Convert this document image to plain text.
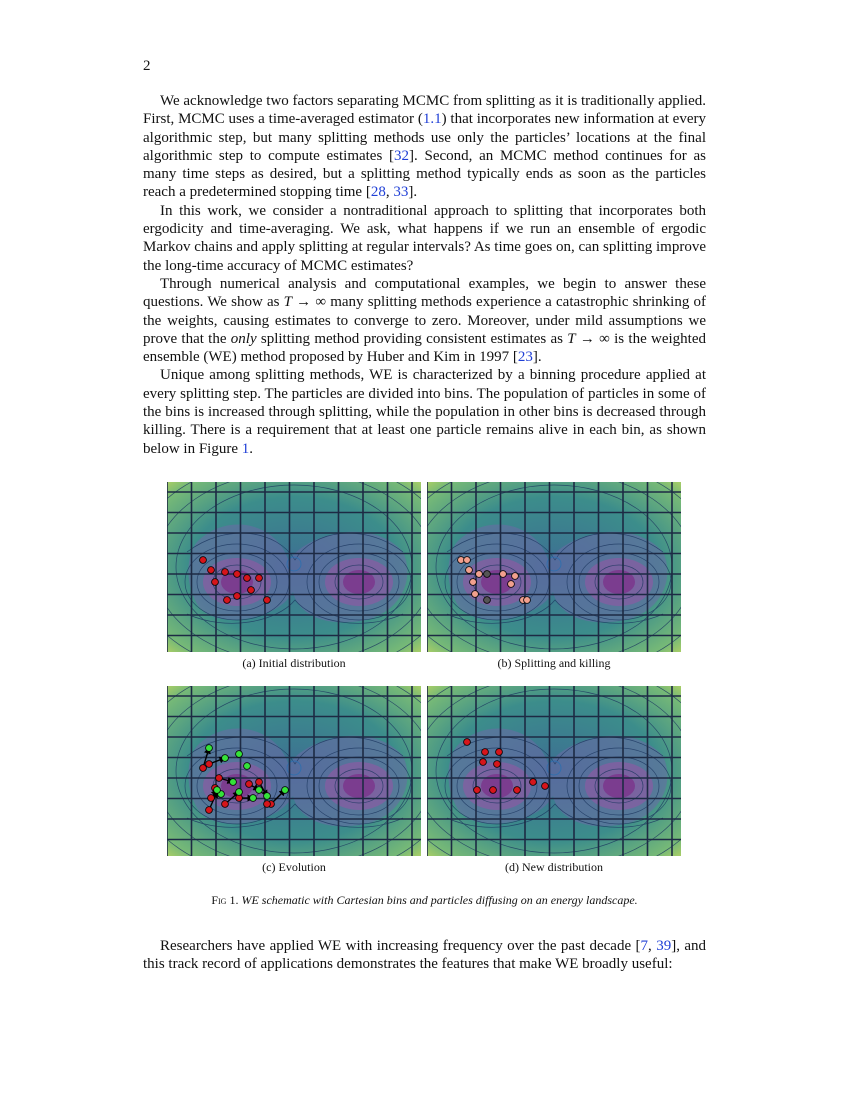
2

We acknowledge two factors separating MCMC from splitting as it is traditionally applied. First, MCMC uses a time-averaged estimator (1.1) that incorporates new information at every algorithmic step, but many splitting methods use only the particles’ locations at the final algorithmic step to compute estimates [32]. Second, an MCMC method continues for as many time steps as desired, but a splitting method typically ends as soon as the particles reach a predetermined stopping time [28, 33].

In this work, we consider a nontraditional approach to splitting that incorporates both ergodicity and time-averaging. We ask, what happens if we run an ensemble of ergodic Markov chains and apply splitting at regular intervals? As time goes on, can splitting improve the long-time accuracy of MCMC estimates?

Through numerical analysis and computational examples, we begin to answer these questions. We show as T → ∞ many splitting methods experience a catastrophic shrinking of the weights, causing estimates to converge to zero. Moreover, under mild assumptions we prove that the only splitting method providing consistent estimates as T → ∞ is the weighted ensemble (WE) method proposed by Huber and Kim in 1997 [23].

Unique among splitting methods, WE is characterized by a binning procedure applied at every splitting step. The particles are divided into bins. The population of particles in some of the bins is increased through splitting, while the population in other bins is decreased through killing. There is a requirement that at least one particle remains alive in each bin, as shown below in Figure 1.

(a) Initial distribution	(b) Splitting and killing
(c) Evolution	(d) New distribution
Fig 1. WE schematic with Cartesian bins and particles diffusing on an energy landscape.

Researchers have applied WE with increasing frequency over the past decade [7, 39], and this track record of applications demonstrates the features that make WE broadly useful:
